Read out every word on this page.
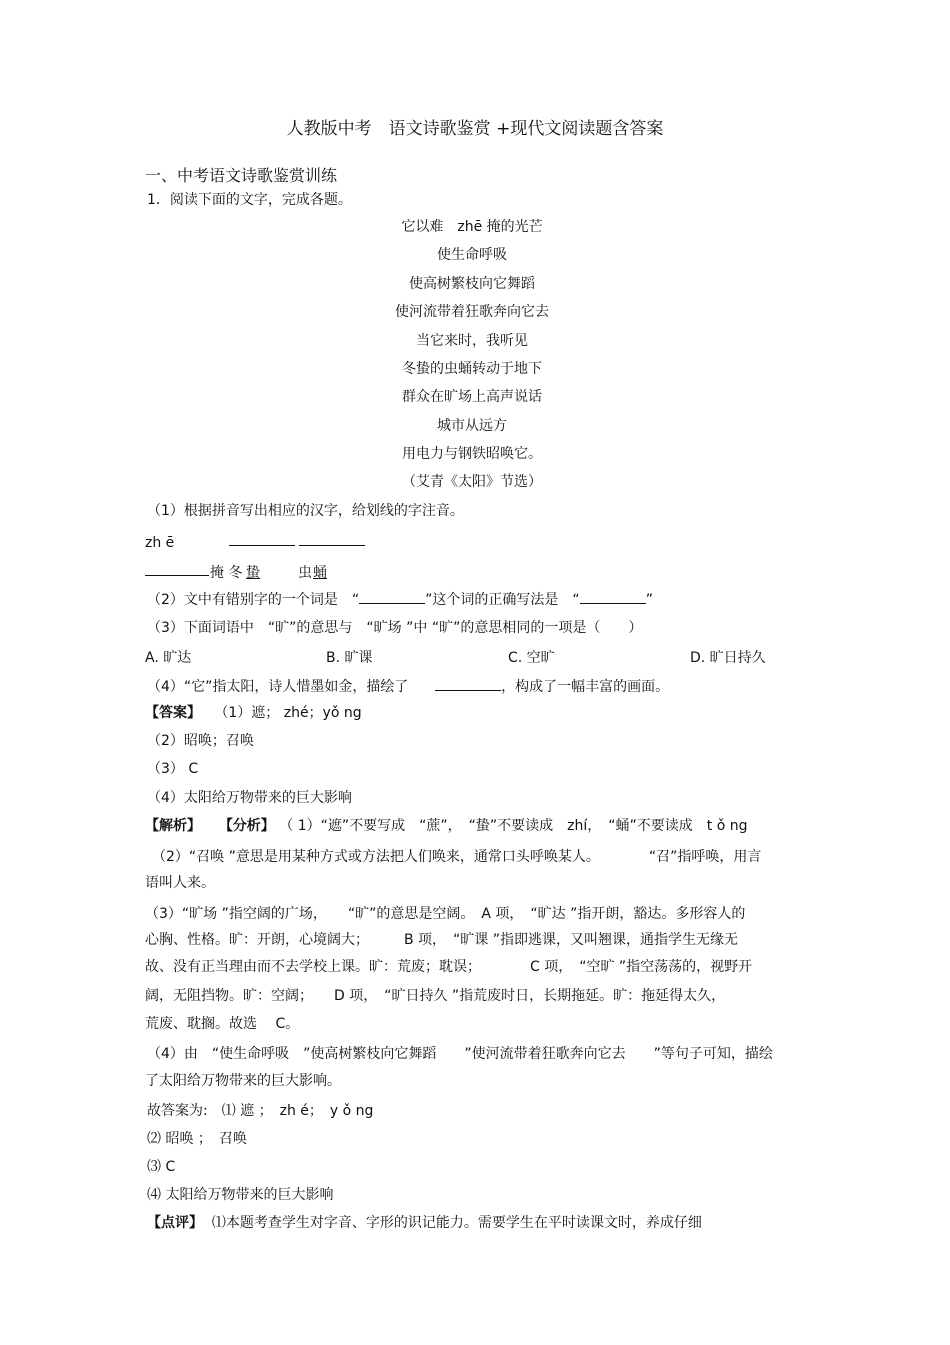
人教版中考　语文诗歌鉴赏 +现代文阅读题含答案
一、中考语文诗歌鉴赏训练
1．阅读下面的文字，完成各题。
它以难　zhē 掩的光芒
使生命呼吸
使高树繁枝向它舞蹈
使河流带着狂歌奔向它去
当它来时，我听见
冬蛰的虫蛹转动于地下
群众在旷场上高声说话
城市从远方
用电力与钢铁昭唤它。
（艾青《太阳》节选）
（1）根据拼音写出相应的汉字，给划线的字注音。
zh ē
掩 冬 蛰	虫 蛹
（2）文中有错别字的一个词是　“	”这个词的正确写法是　“	”
（3）下面词语中　“旷”的意思与　“旷场 ”中 “旷”的意思相同的一项是（　　）
A. 旷达	B. 旷课	C. 空旷	D. 旷日持久
（4）“它”指太阳，诗人惜墨如金，描绘了	，构成了一幅丰富的画面。
【答案】 （1）遮； zhé；yǒ ng
（2）昭唤；召唤
（3） C
（4）太阳给万物带来的巨大影响
【解析】 【分析】 （ 1）“遮”不要写成　“蔗”，　“蛰”不要读成　zhí，　“蛹”不要读成　t ǒ ng
　（2）“召唤 ”意思是用某种方式或方法把人们唤来，通常口头呼唤某人。　　　　“召”指呼唤，用言
语叫人来。
（3）“旷场 ”指空阔的广场，　　“旷”的意思是空阔。　A 项，　“旷达 ”指开朗，豁达。多形容人的
心胸、性格。旷：开朗，心境阔大；　　　B 项，　“旷课 ”指即逃课，又叫翘课，通指学生无缘无
故、没有正当理由而不去学校上课。旷：荒废；耽误；　　　　C 项，　“空旷 ”指空荡荡的，视野开
阔，无阻挡物。旷：空阔；　　D 项，　“旷日持久 ”指荒废时日，长期拖延。旷：拖延得太久，
荒废、耽搁。故选　 C。
（4）由　“使生命呼吸　”使高树繁枝向它舞蹈　　”使河流带着狂歌奔向它去　　”等句子可知，描绘
了太阳给万物带来的巨大影响。
故答案为:　⑴ 遮 ；　zh é；　y ǒ ng
⑵ 昭唤 ；　召唤
⑶ C
⑷ 太阳给万物带来的巨大影响
【点评】 ⑴本题考查学生对字音、字形的识记能力。需要学生在平时读课文时，养成仔细
